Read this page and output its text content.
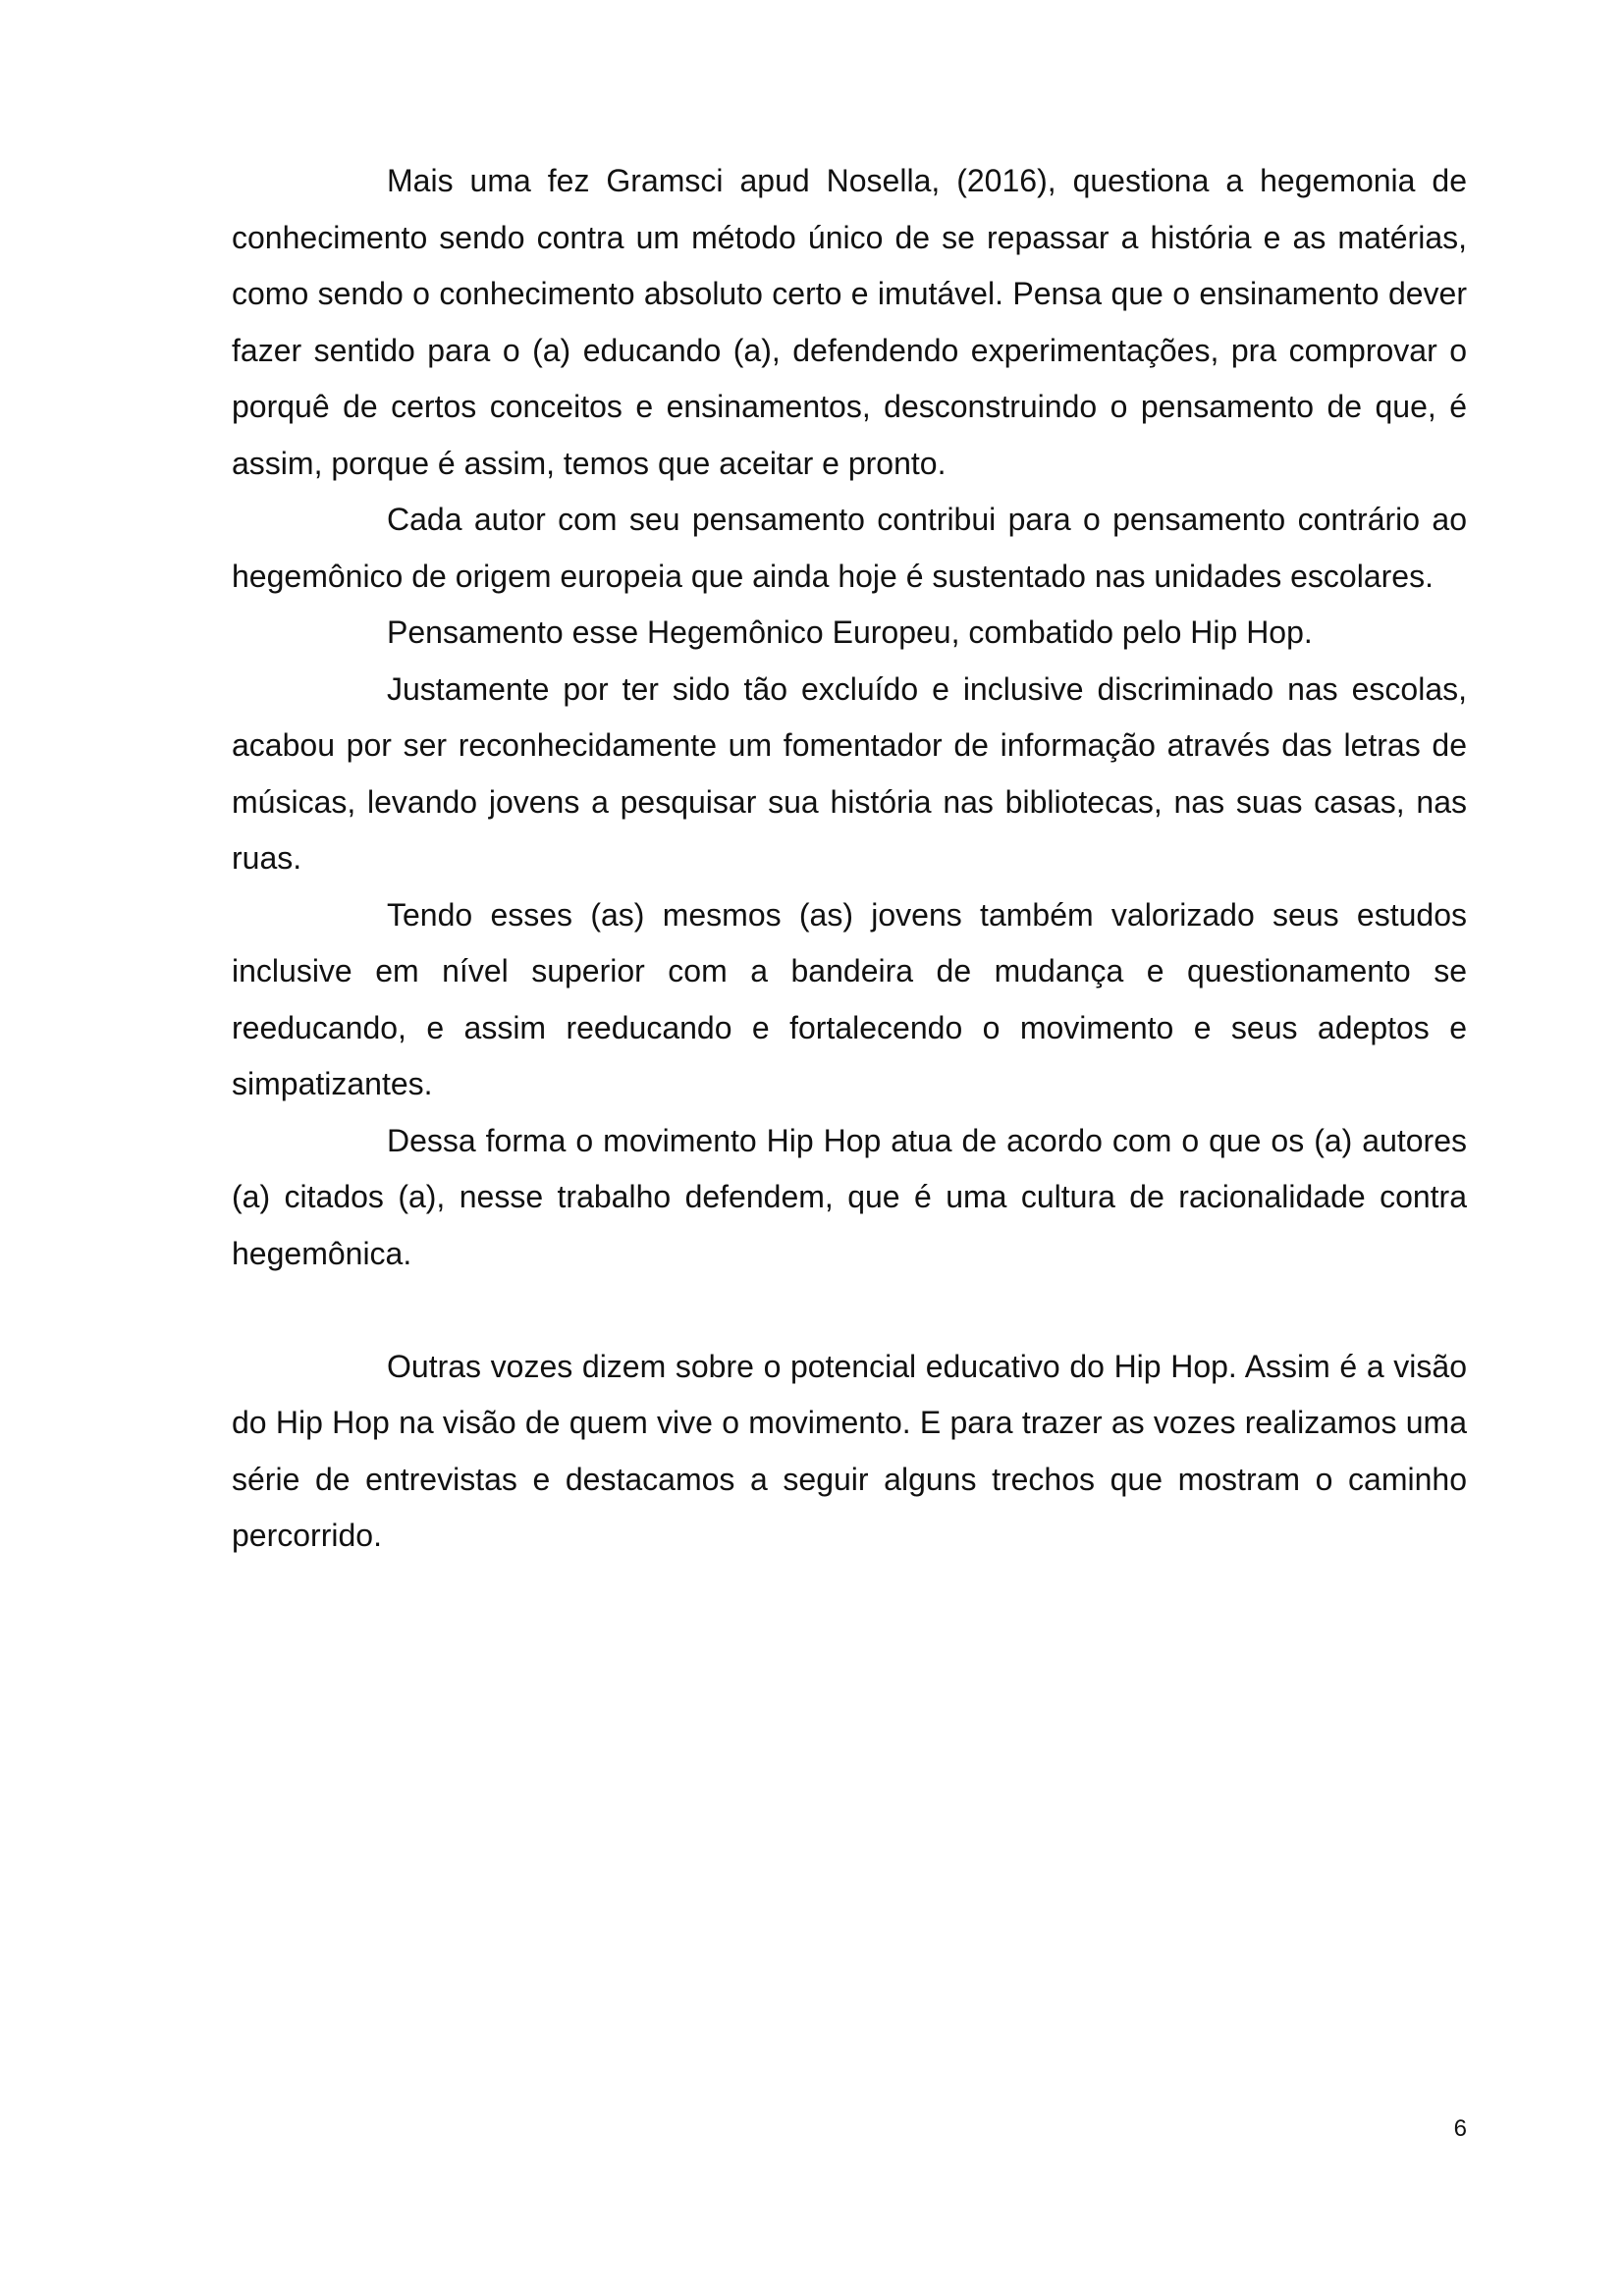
Mais uma fez Gramsci apud Nosella, (2016), questiona a hegemonia de conhecimento sendo contra um método único de se repassar a história e as matérias, como sendo o conhecimento absoluto certo e imutável. Pensa que o ensinamento dever fazer sentido para o (a) educando (a), defendendo experimentações, pra comprovar o porquê de certos conceitos e ensinamentos, desconstruindo o pensamento de que, é assim, porque é assim, temos que aceitar e pronto.

Cada autor com seu pensamento contribui para o pensamento contrário ao hegemônico de origem europeia que ainda hoje é sustentado nas unidades escolares.

Pensamento esse Hegemônico Europeu, combatido pelo Hip Hop.

Justamente por ter sido tão excluído e inclusive discriminado nas escolas, acabou por ser reconhecidamente um fomentador de informação através das letras de músicas, levando jovens a pesquisar sua história nas bibliotecas, nas suas casas, nas ruas.

Tendo esses (as) mesmos (as) jovens também valorizado seus estudos inclusive em nível superior com a bandeira de mudança e questionamento se reeducando, e assim reeducando e fortalecendo o movimento e seus adeptos e simpatizantes.

Dessa forma o movimento Hip Hop atua de acordo com o que os (a) autores (a) citados (a), nesse trabalho defendem, que é uma cultura de racionalidade contra hegemônica.

Outras vozes dizem sobre o potencial educativo do Hip Hop. Assim é a visão do Hip Hop na visão de quem vive o movimento. E para trazer as vozes realizamos uma série de entrevistas e destacamos a seguir alguns trechos que mostram o caminho percorrido.

6
